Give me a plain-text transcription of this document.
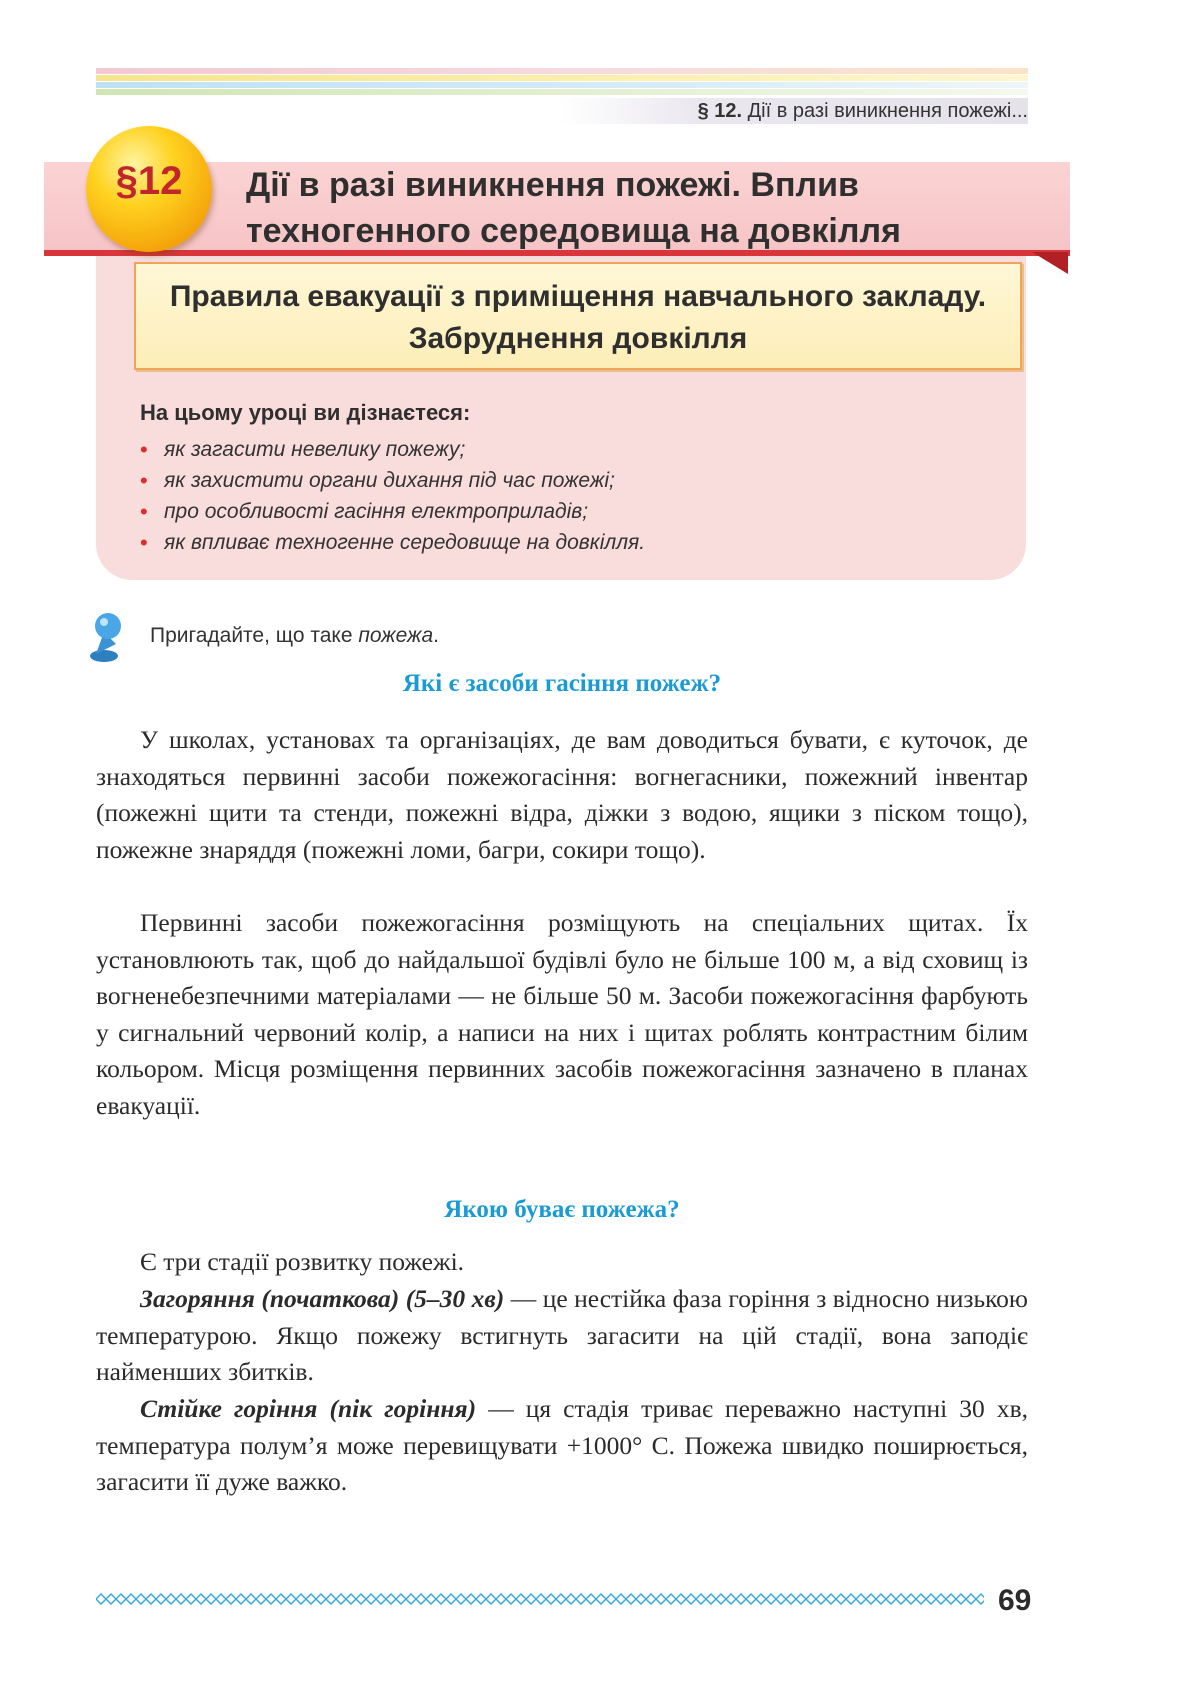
§ 12. Дії в разі виникнення пожежі...
§12 Дії в разі виникнення пожежі. Вплив техногенного середовища на довкілля

Правила евакуації з приміщення навчального закладу. Забруднення довкілля

На цьому уроці ви дізнаєтеся:
• як загасити невелику пожежу;
• як захистити органи дихання під час пожежі;
• про особливості гасіння електроприладів;
• як впливає техногенне середовище на довкілля.
Пригадайте, що таке пожежа.
Які є засоби гасіння пожеж?

У школах, установах та організаціях, де вам доводиться бувати, є куточок, де знаходяться первинні засоби пожежогасіння: вогнегасники, пожежний інвентар (пожежні щити та стенди, пожежні відра, діжки з водою, ящики з піском тощо), пожежне знаряддя (пожежні ломи, багри, сокири тощо).

Первинні засоби пожежогасіння розміщують на спеціальних щитах. Їх установлюють так, щоб до найдальшої будівлі було не більше 100 м, а від сховищ із вогненебезпечними матеріалами — не більше 50 м. Засоби пожежогасіння фарбують у сигнальний червоний колір, а написи на них і щитах роблять контрастним білим кольором. Місця розміщення первинних засобів пожежогасіння зазначено в планах евакуації.

Якою буває пожежа?

Є три стадії розвитку пожежі.

Загоряння (початкова) (5–30 хв) — це нестійка фаза горіння з відносно низькою температурою. Якщо пожежу встигнуть загасити на цій стадії, вона заподіє найменших збитків.

Стійке горіння (пік горіння) — ця стадія триває переважно наступні 30 хв, температура полум’я може перевищувати +1000° С. Пожежа швидко поширюється, загасити її дуже важко.

69
